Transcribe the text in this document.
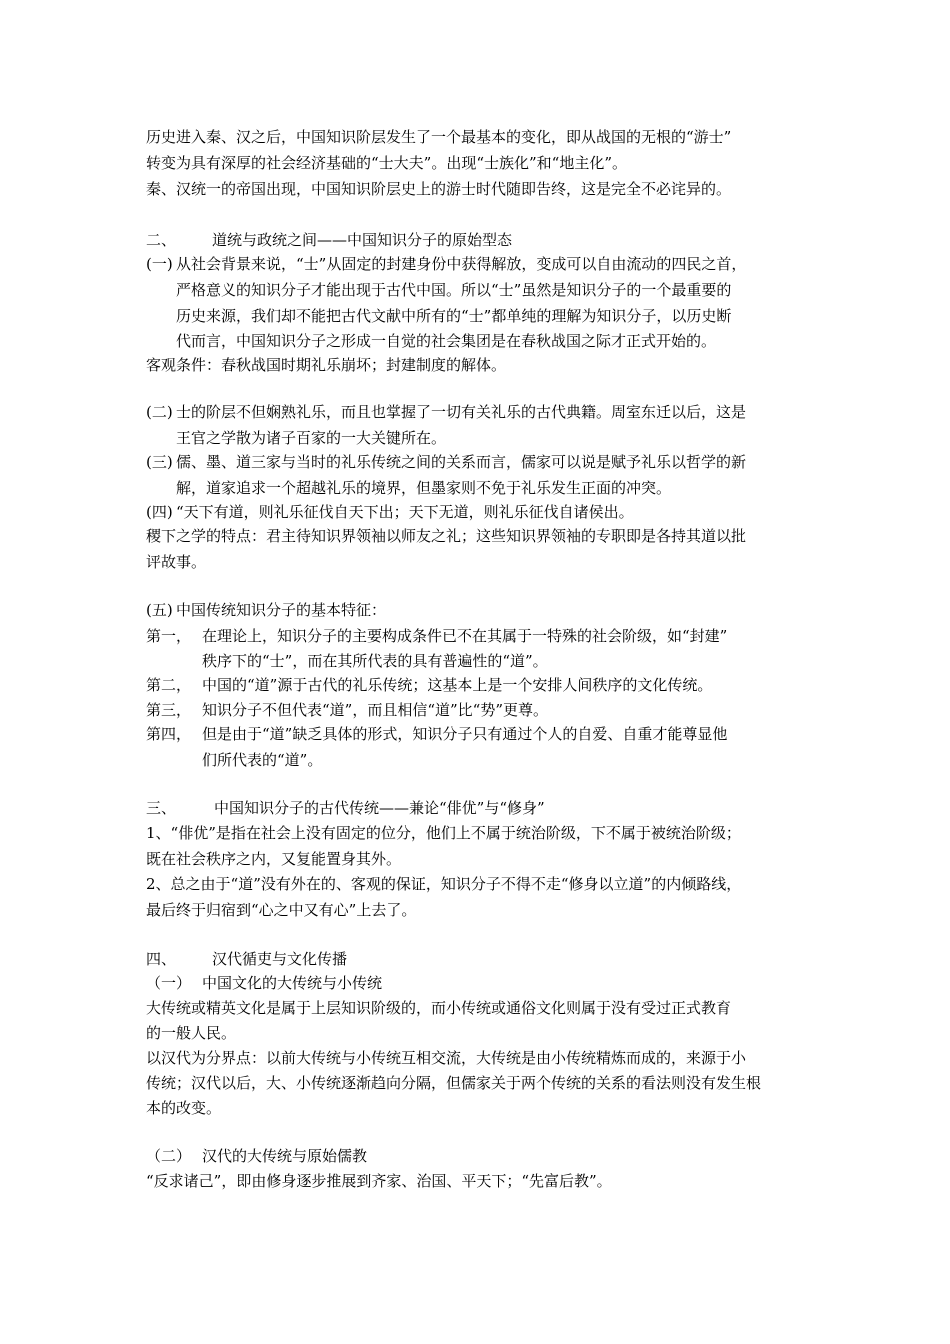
历史进入秦、汉之后，中国知识阶层发生了一个最基本的变化，即从战国的无根的“游士”
转变为具有深厚的社会经济基础的“士大夫”。出现“士族化”和“地主化”。
秦、汉统一的帝国出现，中国知识阶层史上的游士时代随即告终，这是完全不必诧异的。
二、 道统与政统之间——中国知识分子的原始型态
(一) 从社会背景来说，“士”从固定的封建身份中获得解放，变成可以自由流动的四民之首，
严格意义的知识分子才能出现于古代中国。所以“士”虽然是知识分子的一个最重要的
历史来源，我们却不能把古代文献中所有的“士”都单纯的理解为知识分子，以历史断
代而言，中国知识分子之形成一自觉的社会集团是在春秋战国之际才正式开始的。
客观条件：春秋战国时期礼乐崩坏；封建制度的解体。
(二) 士的阶层不但娴熟礼乐，而且也掌握了一切有关礼乐的古代典籍。周室东迁以后，这是
王官之学散为诸子百家的一大关键所在。
(三) 儒、墨、道三家与当时的礼乐传统之间的关系而言，儒家可以说是赋予礼乐以哲学的新
解，道家追求一个超越礼乐的境界，但墨家则不免于礼乐发生正面的冲突。
(四) “天下有道，则礼乐征伐自天下出；天下无道，则礼乐征伐自诸侯出。
稷下之学的特点：君主待知识界领袖以师友之礼；这些知识界领袖的专职即是各持其道以批
评故事。
(五) 中国传统知识分子的基本特征：
第一， 在理论上，知识分子的主要构成条件已不在其属于一特殊的社会阶级，如“封建”
秩序下的“士”，而在其所代表的具有普遍性的“道”。
第二， 中国的“道”源于古代的礼乐传统；这基本上是一个安排人间秩序的文化传统。
第三， 知识分子不但代表“道”，而且相信“道”比“势”更尊。
第四， 但是由于“道”缺乏具体的形式，知识分子只有通过个人的自爱、自重才能尊显他
们所代表的“道”。
三、	中国知识分子的古代传统——兼论“俳优”与“修身”
1、“俳优”是指在社会上没有固定的位分，他们上不属于统治阶级，下不属于被统治阶级；
既在社会秩序之内，又复能置身其外。
2、总之由于“道”没有外在的、客观的保证，知识分子不得不走“修身以立道”的内倾路线，
最后终于归宿到“心之中又有心”上去了。
四、 汉代循吏与文化传播
（一） 中国文化的大传统与小传统
大传统或精英文化是属于上层知识阶级的，而小传统或通俗文化则属于没有受过正式教育
的一般人民。
以汉代为分界点：以前大传统与小传统互相交流，大传统是由小传统精炼而成的，来源于小
传统；汉代以后，大、小传统逐渐趋向分隔，但儒家关于两个传统的关系的看法则没有发生根
本的改变。
（二） 汉代的大传统与原始儒教
“反求诸己”，即由修身逐步推展到齐家、治国、平天下；“先富后教”。
